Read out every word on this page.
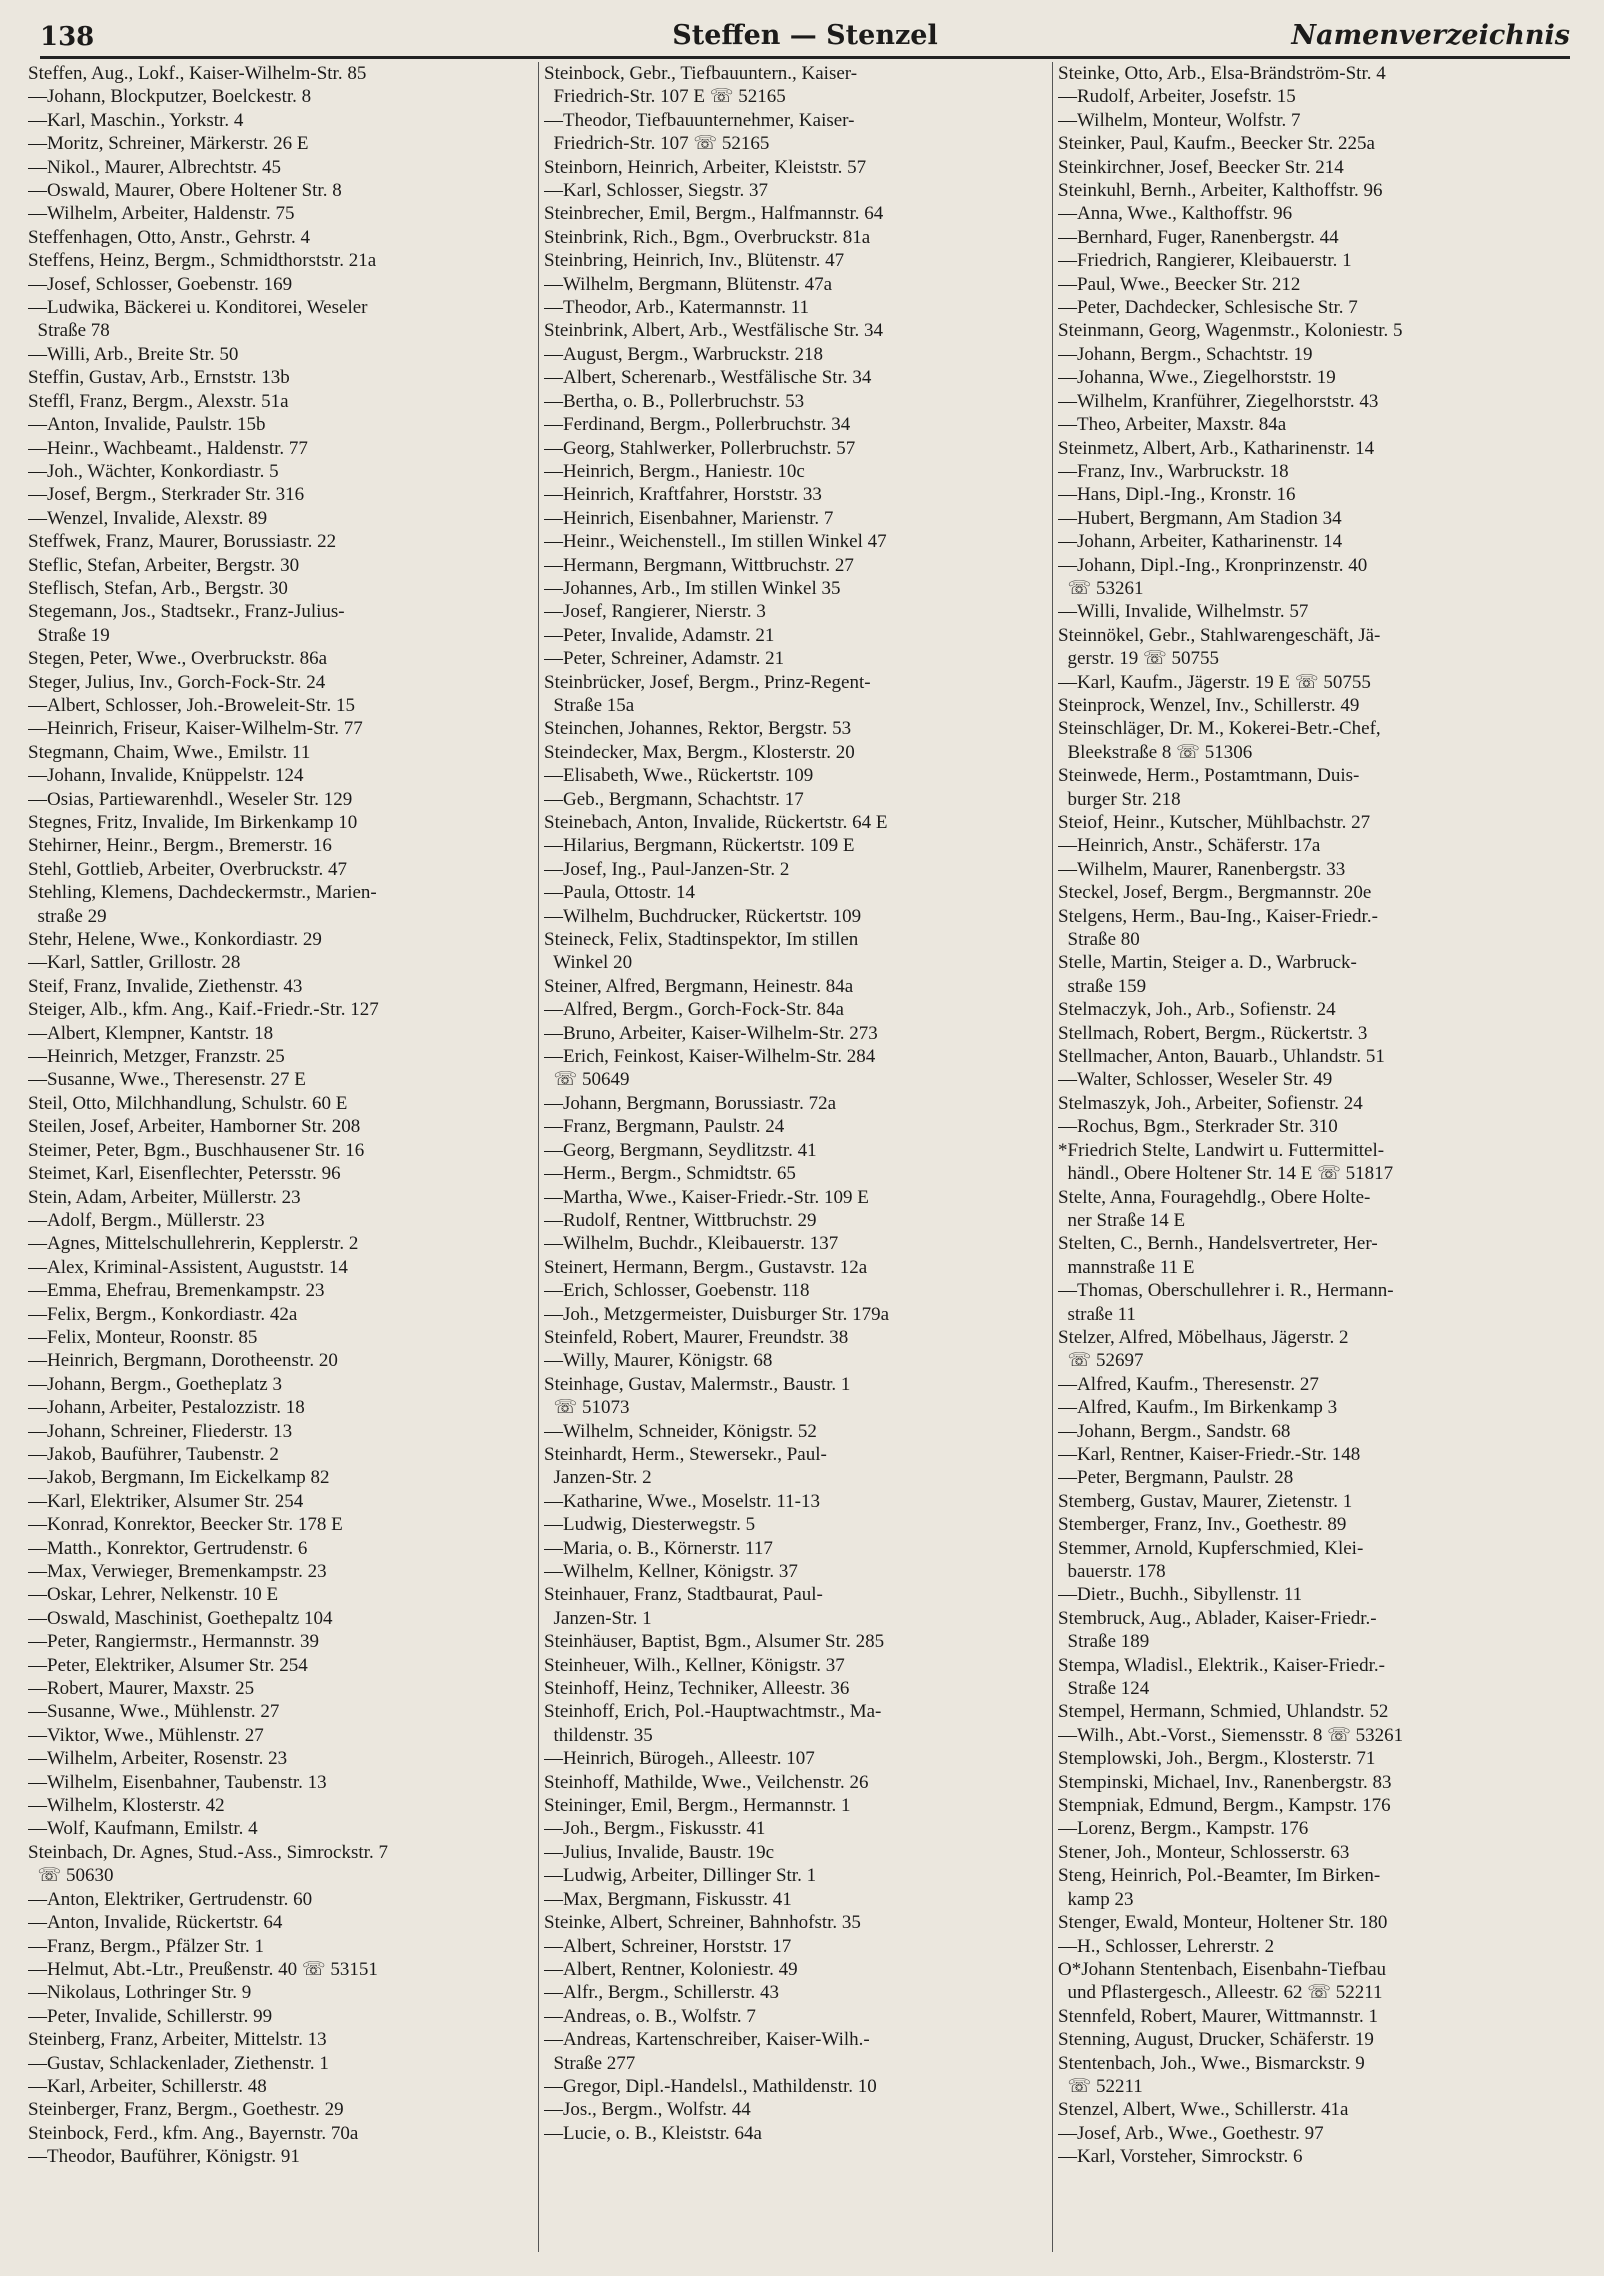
138	Steffen — Stenzel	Namenverzeichnis
Steffen, Aug., Lokf., Kaiser-Wilhelm-Str. 85
—Johann, Blockputzer, Boelckestr. 8
—Karl, Maschin., Yorkstr. 4
—Moritz, Schreiner, Märkerstr. 26 E
—Nikol., Maurer, Albrechtstr. 45
—Oswald, Maurer, Obere Holtener Str. 8
—Wilhelm, Arbeiter, Haldenstr. 75
Steffenhagen, Otto, Anstr., Gehrstr. 4
Steffens, Heinz, Bergm., Schmidthorststr. 21a
—Josef, Schlosser, Goebenstr. 169
—Ludwika, Bäckerei u. Konditorei, Weseler
Straße 78
—Willi, Arb., Breite Str. 50
Steffin, Gustav, Arb., Ernststr. 13b
Steffl, Franz, Bergm., Alexstr. 51a
—Anton, Invalide, Paulstr. 15b
—Heinr., Wachbeamt., Haldenstr. 77
—Joh., Wächter, Konkordiastr. 5
—Josef, Bergm., Sterkrader Str. 316
—Wenzel, Invalide, Alexstr. 89
Steffwek, Franz, Maurer, Borussiastr. 22
Steflic, Stefan, Arbeiter, Bergstr. 30
Steflisch, Stefan, Arb., Bergstr. 30
Stegemann, Jos., Stadtsekr., Franz-Julius-
Straße 19
Stegen, Peter, Wwe., Overbruckstr. 86a
Steger, Julius, Inv., Gorch-Fock-Str. 24
—Albert, Schlosser, Joh.-Broweleit-Str. 15
—Heinrich, Friseur, Kaiser-Wilhelm-Str. 77
Stegmann, Chaim, Wwe., Emilstr. 11
—Johann, Invalide, Knüppelstr. 124
—Osias, Partiewarenhdl., Weseler Str. 129
Stegnes, Fritz, Invalide, Im Birkenkamp 10
Stehirner, Heinr., Bergm., Bremerstr. 16
Stehl, Gottlieb, Arbeiter, Overbruckstr. 47
Stehling, Klemens, Dachdeckermstr., Marien-
straße 29
Stehr, Helene, Wwe., Konkordiastr. 29
—Karl, Sattler, Grillostr. 28
Steif, Franz, Invalide, Ziethenstr. 43
Steiger, Alb., kfm. Ang., Kaif.-Friedr.-Str. 127
—Albert, Klempner, Kantstr. 18
—Heinrich, Metzger, Franzstr. 25
—Susanne, Wwe., Theresenstr. 27 E
Steil, Otto, Milchhandlung, Schulstr. 60 E
Steilen, Josef, Arbeiter, Hamborner Str. 208
Steimer, Peter, Bgm., Buschhausener Str. 16
Steimet, Karl, Eisenflechter, Petersstr. 96
Stein, Adam, Arbeiter, Müllerstr. 23
—Adolf, Bergm., Müllerstr. 23
—Agnes, Mittelschullehrerin, Kepplerstr. 2
—Alex, Kriminal-Assistent, Auguststr. 14
—Emma, Ehefrau, Bremenkampstr. 23
—Felix, Bergm., Konkordiastr. 42a
—Felix, Monteur, Roonstr. 85
—Heinrich, Bergmann, Dorotheenstr. 20
—Johann, Bergm., Goetheplatz 3
—Johann, Arbeiter, Pestalozzistr. 18
—Johann, Schreiner, Fliederstr. 13
—Jakob, Bauführer, Taubenstr. 2
—Jakob, Bergmann, Im Eickelkamp 82
—Karl, Elektriker, Alsumer Str. 254
—Konrad, Konrektor, Beecker Str. 178 E
—Matth., Konrektor, Gertrudenstr. 6
—Max, Verwieger, Bremenkampstr. 23
—Oskar, Lehrer, Nelkenstr. 10 E
—Oswald, Maschinist, Goethepaltz 104
—Peter, Rangiermstr., Hermannstr. 39
—Peter, Elektriker, Alsumer Str. 254
—Robert, Maurer, Maxstr. 25
—Susanne, Wwe., Mühlenstr. 27
—Viktor, Wwe., Mühlenstr. 27
—Wilhelm, Arbeiter, Rosenstr. 23
—Wilhelm, Eisenbahner, Taubenstr. 13
—Wilhelm, Klosterstr. 42
—Wolf, Kaufmann, Emilstr. 4
Steinbach, Dr. Agnes, Stud.-Ass., Simrockstr. 7
☏ 50630
—Anton, Elektriker, Gertrudenstr. 60
—Anton, Invalide, Rückertstr. 64
—Franz, Bergm., Pfälzer Str. 1
—Helmut, Abt.-Ltr., Preußenstr. 40 ☏ 53151
—Nikolaus, Lothringer Str. 9
—Peter, Invalide, Schillerstr. 99
Steinberg, Franz, Arbeiter, Mittelstr. 13
—Gustav, Schlackenlader, Ziethenstr. 1
—Karl, Arbeiter, Schillerstr. 48
Steinberger, Franz, Bergm., Goethestr. 29
Steinbock, Ferd., kfm. Ang., Bayernstr. 70a
—Theodor, Bauführer, Königstr. 91
Steinbock, Gebr., Tiefbauuntern., Kaiser-
Friedrich-Str. 107 E ☏ 52165
—Theodor, Tiefbauunternehmer, Kaiser-
Friedrich-Str. 107 ☏ 52165
Steinborn, Heinrich, Arbeiter, Kleiststr. 57
—Karl, Schlosser, Siegstr. 37
Steinbrecher, Emil, Bergm., Halfmannstr. 64
Steinbrink, Rich., Bgm., Overbruckstr. 81a
Steinbring, Heinrich, Inv., Blütenstr. 47
—Wilhelm, Bergmann, Blütenstr. 47a
—Theodor, Arb., Katermannstr. 11
Steinbrink, Albert, Arb., Westfälische Str. 34
—August, Bergm., Warbruckstr. 218
—Albert, Scherenarb., Westfälische Str. 34
—Bertha, o. B., Pollerbruchstr. 53
—Ferdinand, Bergm., Pollerbruchstr. 34
—Georg, Stahlwerker, Pollerbruchstr. 57
—Heinrich, Bergm., Haniestr. 10c
—Heinrich, Kraftfahrer, Horststr. 33
—Heinrich, Eisenbahner, Marienstr. 7
—Heinr., Weichenstell., Im stillen Winkel 47
—Hermann, Bergmann, Wittbruchstr. 27
—Johannes, Arb., Im stillen Winkel 35
—Josef, Rangierer, Nierstr. 3
—Peter, Invalide, Adamstr. 21
—Peter, Schreiner, Adamstr. 21
Steinbrücker, Josef, Bergm., Prinz-Regent-
Straße 15a
Steinchen, Johannes, Rektor, Bergstr. 53
Steindecker, Max, Bergm., Klosterstr. 20
—Elisabeth, Wwe., Rückertstr. 109
—Geb., Bergmann, Schachtstr. 17
Steinebach, Anton, Invalide, Rückertstr. 64 E
—Hilarius, Bergmann, Rückertstr. 109 E
—Josef, Ing., Paul-Janzen-Str. 2
—Paula, Ottostr. 14
—Wilhelm, Buchdrucker, Rückertstr. 109
Steineck, Felix, Stadtinspektor, Im stillen
Winkel 20
Steiner, Alfred, Bergmann, Heinestr. 84a
—Alfred, Bergm., Gorch-Fock-Str. 84a
—Bruno, Arbeiter, Kaiser-Wilhelm-Str. 273
—Erich, Feinkost, Kaiser-Wilhelm-Str. 284
☏ 50649
—Johann, Bergmann, Borussiastr. 72a
—Franz, Bergmann, Paulstr. 24
—Georg, Bergmann, Seydlitzstr. 41
—Herm., Bergm., Schmidtstr. 65
—Martha, Wwe., Kaiser-Friedr.-Str. 109 E
—Rudolf, Rentner, Wittbruchstr. 29
—Wilhelm, Buchdr., Kleibauerstr. 137
Steinert, Hermann, Bergm., Gustavstr. 12a
—Erich, Schlosser, Goebenstr. 118
—Joh., Metzgermeister, Duisburger Str. 179a
Steinfeld, Robert, Maurer, Freundstr. 38
—Willy, Maurer, Königstr. 68
Steinhage, Gustav, Malermstr., Baustr. 1
☏ 51073
—Wilhelm, Schneider, Königstr. 52
Steinhardt, Herm., Stewersekr., Paul-
Janzen-Str. 2
—Katharine, Wwe., Moselstr. 11-13
—Ludwig, Diesterwegstr. 5
—Maria, o. B., Körnerstr. 117
—Wilhelm, Kellner, Königstr. 37
Steinhauer, Franz, Stadtbaurat, Paul-
Janzen-Str. 1
Steinhäuser, Baptist, Bgm., Alsumer Str. 285
Steinheuer, Wilh., Kellner, Königstr. 37
Steinhoff, Heinz, Techniker, Alleestr. 36
Steinhoff, Erich, Pol.-Hauptwachtmstr., Ma-
thildenstr. 35
—Heinrich, Bürogeh., Alleestr. 107
Steinhoff, Mathilde, Wwe., Veilchenstr. 26
Steininger, Emil, Bergm., Hermannstr. 1
—Joh., Bergm., Fiskusstr. 41
—Julius, Invalide, Baustr. 19c
—Ludwig, Arbeiter, Dillinger Str. 1
—Max, Bergmann, Fiskusstr. 41
Steinke, Albert, Schreiner, Bahnhofstr. 35
—Albert, Schreiner, Horststr. 17
—Albert, Rentner, Koloniestr. 49
—Alfr., Bergm., Schillerstr. 43
—Andreas, o. B., Wolfstr. 7
—Andreas, Kartenschreiber, Kaiser-Wilh.-
Straße 277
—Gregor, Dipl.-Handelsl., Mathildenstr. 10
—Jos., Bergm., Wolfstr. 44
—Lucie, o. B., Kleiststr. 64a
Steinke, Otto, Arb., Elsa-Brändström-Str. 4
—Rudolf, Arbeiter, Josefstr. 15
—Wilhelm, Monteur, Wolfstr. 7
Steinker, Paul, Kaufm., Beecker Str. 225a
Steinkirchner, Josef, Beecker Str. 214
Steinkuhl, Bernh., Arbeiter, Kalthoffstr. 96
—Anna, Wwe., Kalthoffstr. 96
—Bernhard, Fuger, Ranenbergstr. 44
—Friedrich, Rangierer, Kleibauerstr. 1
—Paul, Wwe., Beecker Str. 212
—Peter, Dachdecker, Schlesische Str. 7
Steinmann, Georg, Wagenmstr., Koloniestr. 5
—Johann, Bergm., Schachtstr. 19
—Johanna, Wwe., Ziegelhorststr. 19
—Wilhelm, Kranführer, Ziegelhorststr. 43
—Theo, Arbeiter, Maxstr. 84a
Steinmetz, Albert, Arb., Katharinenstr. 14
—Franz, Inv., Warbruckstr. 18
—Hans, Dipl.-Ing., Kronstr. 16
—Hubert, Bergmann, Am Stadion 34
—Johann, Arbeiter, Katharinenstr. 14
—Johann, Dipl.-Ing., Kronprinzenstr. 40
☏ 53261
—Willi, Invalide, Wilhelmstr. 57
Steinnökel, Gebr., Stahlwarengeschäft, Jä-
gerstr. 19 ☏ 50755
—Karl, Kaufm., Jägerstr. 19 E ☏ 50755
Steinprock, Wenzel, Inv., Schillerstr. 49
Steinschläger, Dr. M., Kokerei-Betr.-Chef,
Bleekstraße 8 ☏ 51306
Steinwede, Herm., Postamtmann, Duis-
burger Str. 218
Steiof, Heinr., Kutscher, Mühlbachstr. 27
—Heinrich, Anstr., Schäferstr. 17a
—Wilhelm, Maurer, Ranenbergstr. 33
Steckel, Josef, Bergm., Bergmannstr. 20e
Stelgens, Herm., Bau-Ing., Kaiser-Friedr.-
Straße 80
Stelle, Martin, Steiger a. D., Warbruck-
straße 159
Stelmaczyk, Joh., Arb., Sofienstr. 24
Stellmach, Robert, Bergm., Rückertstr. 3
Stellmacher, Anton, Bauarb., Uhlandstr. 51
—Walter, Schlosser, Weseler Str. 49
Stelmaszyk, Joh., Arbeiter, Sofienstr. 24
—Rochus, Bgm., Sterkrader Str. 310
*Friedrich Stelte, Landwirt u. Futtermittel-
händl., Obere Holtener Str. 14 E ☏ 51817
Stelte, Anna, Fouragehdlg., Obere Holte-
ner Straße 14 E
Stelten, C., Bernh., Handelsvertreter, Her-
mannstraße 11 E
—Thomas, Oberschullehrer i. R., Hermann-
straße 11
Stelzer, Alfred, Möbelhaus, Jägerstr. 2
☏ 52697
—Alfred, Kaufm., Theresenstr. 27
—Alfred, Kaufm., Im Birkenkamp 3
—Johann, Bergm., Sandstr. 68
—Karl, Rentner, Kaiser-Friedr.-Str. 148
—Peter, Bergmann, Paulstr. 28
Stemberg, Gustav, Maurer, Zietenstr. 1
Stemberger, Franz, Inv., Goethestr. 89
Stemmer, Arnold, Kupferschmied, Klei-
bauerstr. 178
—Dietr., Buchh., Sibyllenstr. 11
Stembruck, Aug., Ablader, Kaiser-Friedr.-
Straße 189
Stempa, Wladisl., Elektrik., Kaiser-Friedr.-
Straße 124
Stempel, Hermann, Schmied, Uhlandstr. 52
—Wilh., Abt.-Vorst., Siemensstr. 8 ☏ 53261
Stemplowski, Joh., Bergm., Klosterstr. 71
Stempinski, Michael, Inv., Ranenbergstr. 83
Stempniak, Edmund, Bergm., Kampstr. 176
—Lorenz, Bergm., Kampstr. 176
Stener, Joh., Monteur, Schlosserstr. 63
Steng, Heinrich, Pol.-Beamter, Im Birken-
kamp 23
Stenger, Ewald, Monteur, Holtener Str. 180
—H., Schlosser, Lehrerstr. 2
O*Johann Stentenbach, Eisenbahn-Tiefbau
und Pflastergesch., Alleestr. 62 ☏ 52211
Stennfeld, Robert, Maurer, Wittmannstr. 1
Stenning, August, Drucker, Schäferstr. 19
Stentenbach, Joh., Wwe., Bismarckstr. 9
☏ 52211
Stenzel, Albert, Wwe., Schillerstr. 41a
—Josef, Arb., Wwe., Goethestr. 97
—Karl, Vorsteher, Simrockstr. 6
